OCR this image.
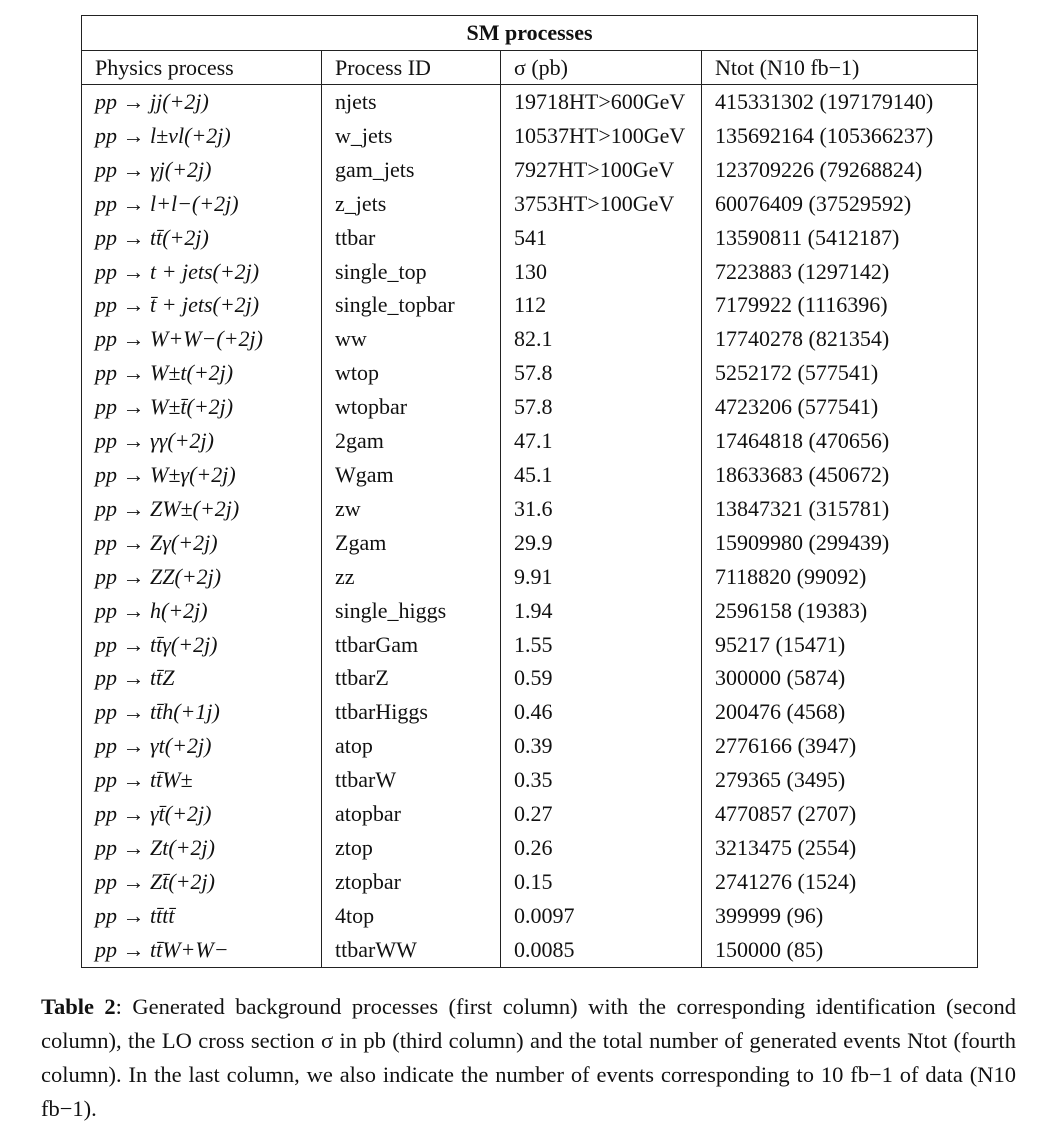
SM processes			
Physics process	Process ID	σ (pb)	Ntot (N10 fb−1)
pp → jj(+2j)	njets	19718HT>600GeV	415331302 (197179140)
pp → l±νl(+2j)	w_jets	10537HT>100GeV	135692164 (105366237)
pp → γj(+2j)	gam_jets	7927HT>100GeV	123709226 (79268824)
pp → l+l−(+2j)	z_jets	3753HT>100GeV	60076409 (37529592)
pp → tt̄(+2j)	ttbar	541	13590811 (5412187)
pp → t + jets(+2j)	single_top	130	7223883 (1297142)
pp → t̄ + jets(+2j)	single_topbar	112	7179922 (1116396)
pp → W+W−(+2j)	ww	82.1	17740278 (821354)
pp → W±t(+2j)	wtop	57.8	5252172 (577541)
pp → W±t̄(+2j)	wtopbar	57.8	4723206 (577541)
pp → γγ(+2j)	2gam	47.1	17464818 (470656)
pp → W±γ(+2j)	Wgam	45.1	18633683 (450672)
pp → ZW±(+2j)	zw	31.6	13847321 (315781)
pp → Zγ(+2j)	Zgam	29.9	15909980 (299439)
pp → ZZ(+2j)	zz	9.91	7118820 (99092)
pp → h(+2j)	single_higgs	1.94	2596158 (19383)
pp → tt̄γ(+2j)	ttbarGam	1.55	95217 (15471)
pp → tt̄Z	ttbarZ	0.59	300000 (5874)
pp → tt̄h(+1j)	ttbarHiggs	0.46	200476 (4568)
pp → γt(+2j)	atop	0.39	2776166 (3947)
pp → tt̄W±	ttbarW	0.35	279365 (3495)
pp → γt̄(+2j)	atopbar	0.27	4770857 (2707)
pp → Zt(+2j)	ztop	0.26	3213475 (2554)
pp → Zt̄(+2j)	ztopbar	0.15	2741276 (1524)
pp → tt̄tt̄	4top	0.0097	399999 (96)
pp → tt̄W+W−	ttbarWW	0.0085	150000 (85)
Table 2: Generated background processes (first column) with the corresponding identification (second column), the LO cross section σ in pb (third column) and the total number of generated events Ntot (fourth column). In the last column, we also indicate the number of events corresponding to 10 fb−1 of data (N10 fb−1).
